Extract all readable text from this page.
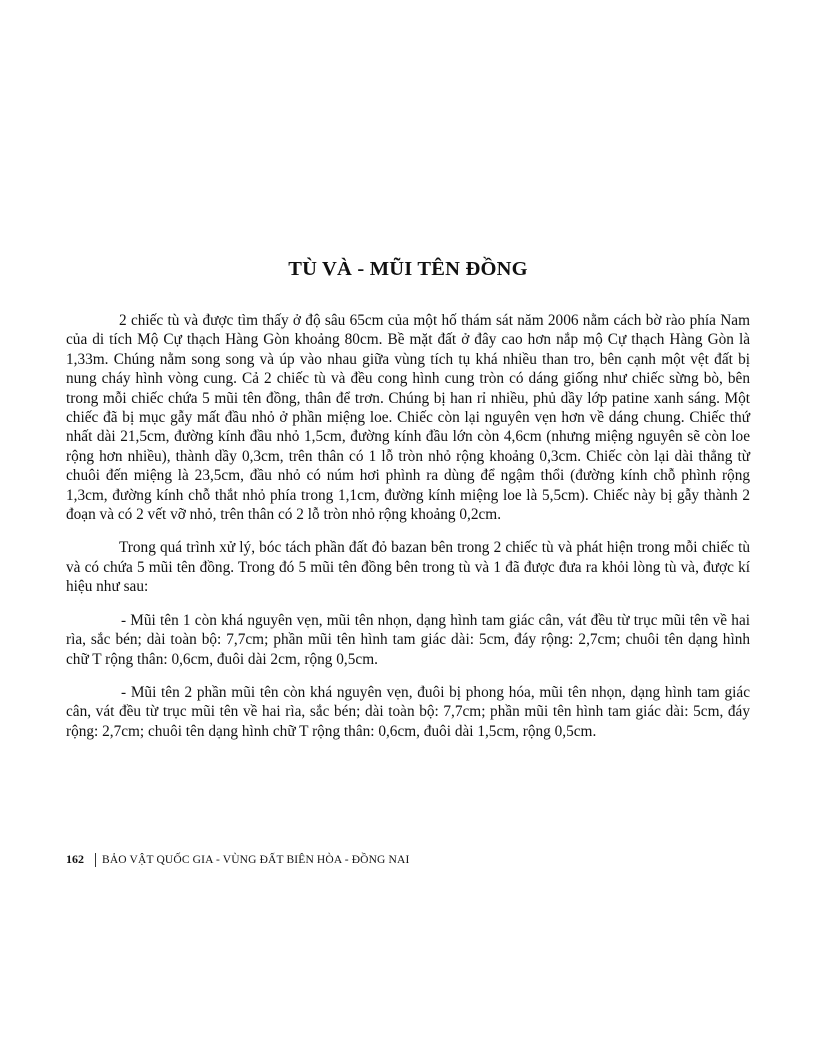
TÙ VÀ - MŨI TÊN ĐỒNG

2 chiếc tù và được tìm thấy ở độ sâu 65cm của một hố thám sát năm 2006 nằm cách bờ rào phía Nam của di tích Mộ Cự thạch Hàng Gòn khoảng 80cm. Bề mặt đất ở đây cao hơn nắp mộ Cự thạch Hàng Gòn là 1,33m. Chúng nằm song song và úp vào nhau giữa vùng tích tụ khá nhiều than tro, bên cạnh một vệt đất bị nung cháy hình vòng cung. Cả 2 chiếc tù và đều cong hình cung tròn có dáng giống như chiếc sừng bò, bên trong mỗi chiếc chứa 5 mũi tên đồng, thân để trơn. Chúng bị han rỉ nhiều, phủ dầy lớp patine xanh sáng. Một chiếc đã bị mục gẫy mất đầu nhỏ ở phần miệng loe. Chiếc còn lại nguyên vẹn hơn về dáng chung. Chiếc thứ nhất dài 21,5cm, đường kính đầu nhỏ 1,5cm, đường kính đầu lớn còn 4,6cm (nhưng miệng nguyên sẽ còn loe rộng hơn nhiều), thành dầy 0,3cm, trên thân có 1 lỗ tròn nhỏ rộng khoảng 0,3cm. Chiếc còn lại dài thẳng từ chuôi đến miệng là 23,5cm, đầu nhỏ có núm hơi phình ra dùng để ngậm thổi (đường kính chỗ phình rộng 1,3cm, đường kính chỗ thắt nhỏ phía trong 1,1cm, đường kính miệng loe là 5,5cm). Chiếc này bị gẫy thành 2 đoạn và có 2 vết vỡ nhỏ, trên thân có 2 lỗ tròn nhỏ rộng khoảng 0,2cm.

Trong quá trình xử lý, bóc tách phần đất đỏ bazan bên trong 2 chiếc tù và phát hiện trong mỗi chiếc tù và có chứa 5 mũi tên đồng. Trong đó 5 mũi tên đồng bên trong tù và 1 đã được đưa ra khỏi lòng tù và, được kí hiệu như sau:

- Mũi tên 1 còn khá nguyên vẹn, mũi tên nhọn, dạng hình tam giác cân, vát đều từ trục mũi tên về hai rìa, sắc bén; dài toàn bộ: 7,7cm; phần mũi tên hình tam giác dài: 5cm, đáy rộng: 2,7cm; chuôi tên dạng hình chữ T rộng thân: 0,6cm, đuôi dài 2cm, rộng 0,5cm.

- Mũi tên 2 phần mũi tên còn khá nguyên vẹn, đuôi bị phong hóa, mũi tên nhọn, dạng hình tam giác cân, vát đều từ trục mũi tên về hai rìa, sắc bén; dài toàn bộ: 7,7cm; phần mũi tên hình tam giác dài: 5cm, đáy rộng: 2,7cm; chuôi tên dạng hình chữ T rộng thân: 0,6cm, đuôi dài 1,5cm, rộng 0,5cm.

162 BẢO VẬT QUỐC GIA - VÙNG ĐẤT BIÊN HÒA - ĐỒNG NAI
